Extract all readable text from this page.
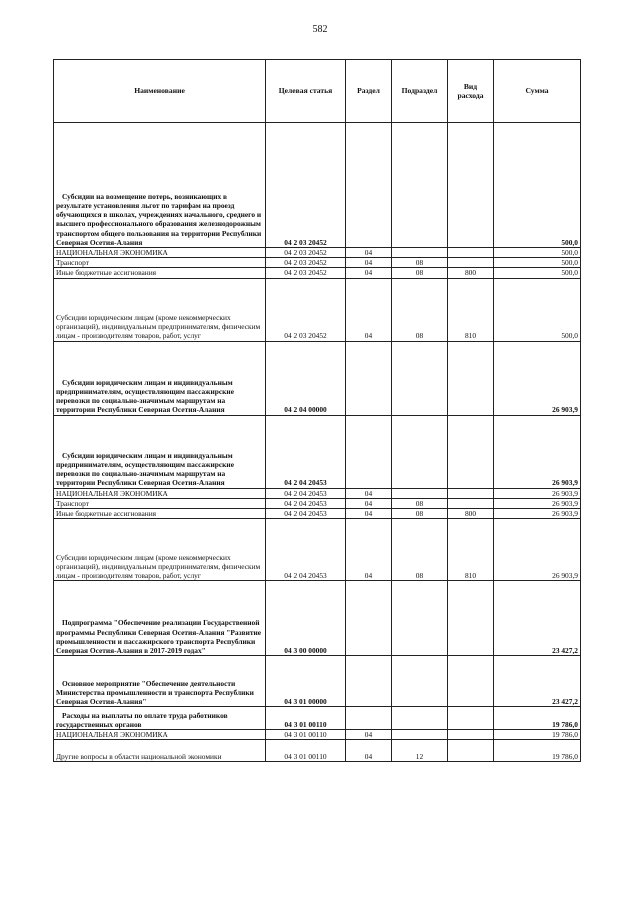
582
Наименование	Целевая статья	Раздел	Подраздел	Вид расхода	Сумма
Субсидии на возмещение потерь, возникающих в результате установления льгот по тарифам на проезд обучающихся в школах, учреждениях начального, среднего и высшего профессионального образования железнодорожным транспортом общего пользования на территории Республики Северная Осетия-Алания	04 2 03 20452				500,0
НАЦИОНАЛЬНАЯ ЭКОНОМИКА	04 2 03 20452	04			500,0
Транспорт	04 2 03 20452	04	08		500,0
Иные бюджетные ассигнования	04 2 03 20452	04	08	800	500,0
Субсидии юридическим лицам (кроме некоммерческих организаций), индивидуальным предпринимателям, физическим лицам - производителям товаров, работ, услуг	04 2 03 20452	04	08	810	500,0
Субсидии юридическим лицам и индивидуальным предпринимателям, осуществляющим пассажирские перевозки по социально-значимым маршрутам на территории Республики Северная Осетия-Алания	04 2 04 00000				26 903,9
Субсидии юридическим лицам и индивидуальным предпринимателям, осуществляющим пассажирские перевозки по социально-значимым маршрутам на территории Республики Северная Осетия-Алания	04 2 04 20453				26 903,9
НАЦИОНАЛЬНАЯ ЭКОНОМИКА	04 2 04 20453	04			26 903,9
Транспорт	04 2 04 20453	04	08		26 903,9
Иные бюджетные ассигнования	04 2 04 20453	04	08	800	26 903,9
Субсидии юридическим лицам (кроме некоммерческих организаций), индивидуальным предпринимателям, физическим лицам - производителям товаров, работ, услуг	04 2 04 20453	04	08	810	26 903,9
Подпрограмма "Обеспечение реализации Государственной программы Республики Северная Осетия-Алания "Развитие промышленности и пассажирского транспорта Республики Северная Осетия-Алания в 2017-2019 годах"	04 3 00 00000				23 427,2
Основное мероприятие "Обеспечение деятельности Министерства промышленности и транспорта Республики Северная Осетия-Алания"	04 3 01 00000				23 427,2
Расходы на выплаты по оплате труда работников государственных органов	04 3 01 00110				19 786,0
НАЦИОНАЛЬНАЯ ЭКОНОМИКА	04 3 01 00110	04			19 786,0
Другие вопросы в области национальной экономики	04 3 01 00110	04	12		19 786,0
